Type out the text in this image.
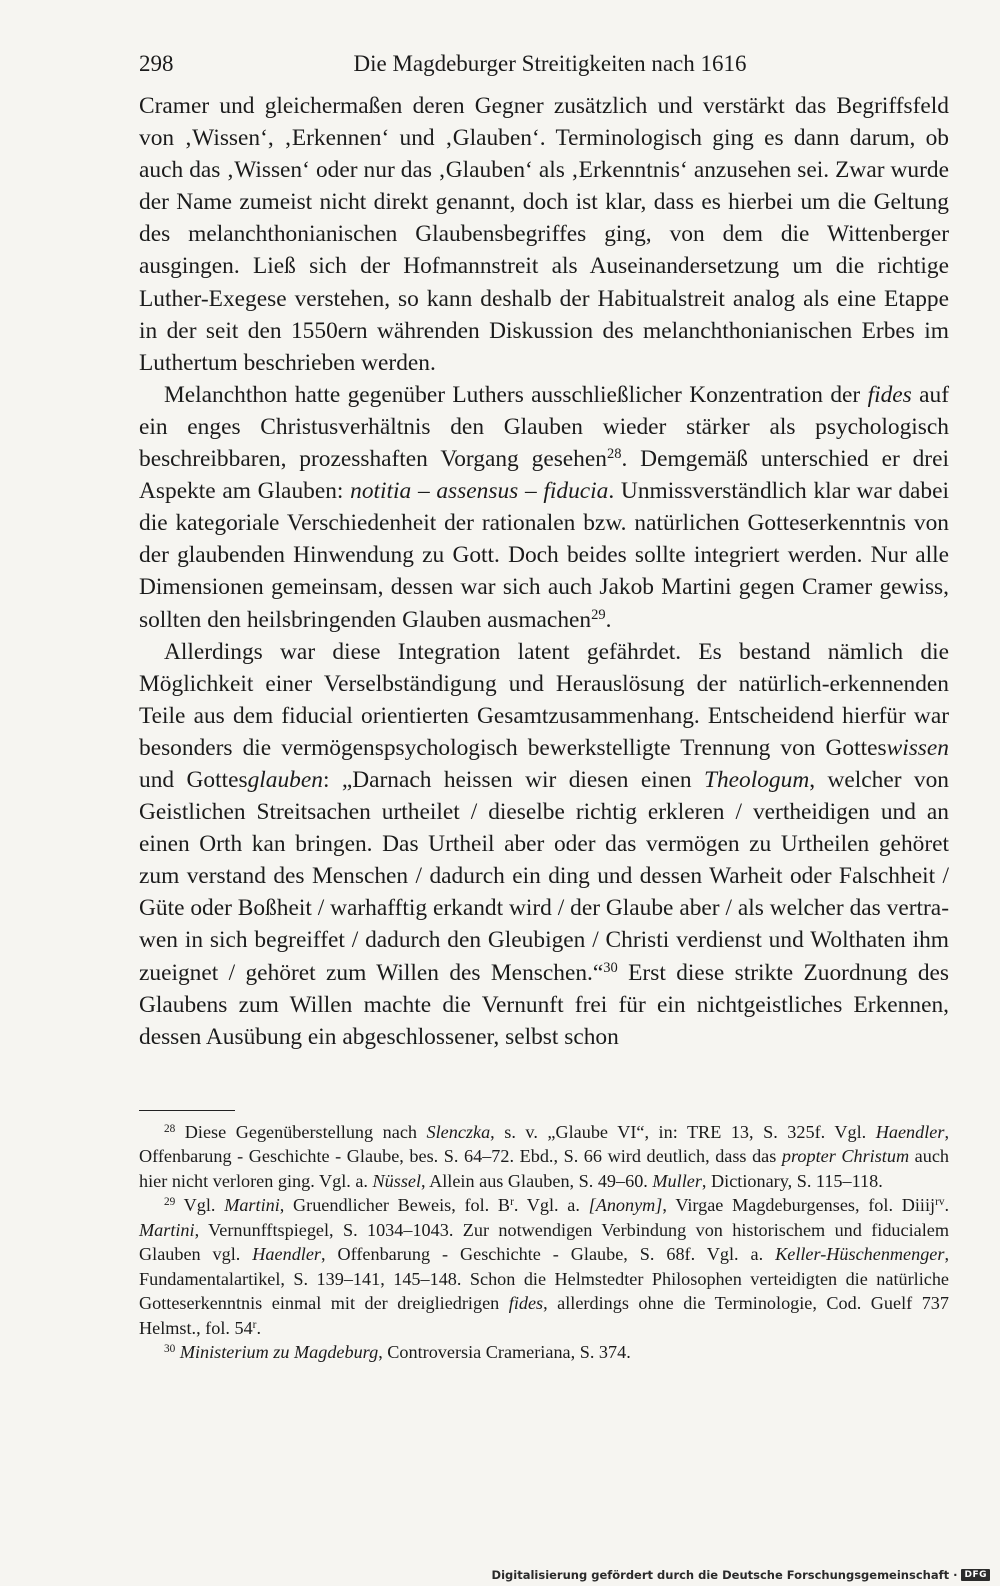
298	Die Magdeburger Streitigkeiten nach 1616

Cramer und gleichermaßen deren Gegner zusätzlich und verstärkt das Begriffsfeld von ‚Wissen‘, ‚Erkennen‘ und ‚Glauben‘. Terminologisch ging es dann darum, ob auch das ‚Wissen‘ oder nur das ‚Glauben‘ als ‚Erkenntnis‘ anzusehen sei. Zwar wurde der Name zumeist nicht direkt genannt, doch ist klar, dass es hierbei um die Geltung des melanchthonianischen Glaubensbegriffes ging, von dem die Wittenberger ausgingen. Ließ sich der Hofmannstreit als Auseinandersetzung um die richtige Luther-Exegese verstehen, so kann deshalb der Habitualstreit analog als eine Etappe in der seit den 1550ern währenden Diskussion des melanchthonianischen Erbes im Luthertum beschrieben werden.

Melanchthon hatte gegenüber Luthers ausschließlicher Konzentration der fides auf ein enges Christusverhältnis den Glauben wieder stärker als psychologisch beschreibbaren, prozesshaften Vorgang gesehen$^{28}$. Demgemäß unterschied er drei Aspekte am Glauben: notitia – assensus – fiducia. Unmissverständlich klar war dabei die kategoriale Verschiedenheit der rationalen bzw. natürlichen Gotteserkenntnis von der glaubenden Hinwendung zu Gott. Doch beides sollte integriert werden. Nur alle Dimensionen gemeinsam, dessen war sich auch Jakob Martini gegen Cramer gewiss, sollten den heilsbringenden Glauben ausmachen$^{29}$.

Allerdings war diese Integration latent gefährdet. Es bestand nämlich die Möglichkeit einer Verselbständigung und Herauslösung der natürlich-erkennenden Teile aus dem fiducial orientierten Gesamtzusammenhang. Entscheidend hierfür war besonders die vermögenspsychologisch bewerkstelligte Trennung von Gotteswissen und Gottesglauben: „Darnach heissen wir diesen einen Theologum, welcher von Geistlichen Streitsachen urtheilet / dieselbe richtig erkleren / vertheidigen und an einen Orth kan bringen. Das Urtheil aber oder das vermögen zu Urtheilen gehöret zum verstand des Menschen / dadurch ein ding und dessen Warheit oder Falschheit / Güte oder Boßheit / warhafftig erkandt wird / der Glaube aber / als welcher das vertrawen in sich begreiffet / dadurch den Gleubigen / Christi verdienst und Wolthaten ihm zueignet / gehöret zum Willen des Menschen.“$^{30}$ Erst diese strikte Zuordnung des Glaubens zum Willen machte die Vernunft frei für ein nichtgeistliches Erkennen, dessen Ausübung ein abgeschlossener, selbst schon

$^{28}$ Diese Gegenüberstellung nach Slenczka, s. v. „Glaube VI“, in: TRE 13, S. 325f. Vgl. Haendler, Offenbarung - Geschichte - Glaube, bes. S. 64–72. Ebd., S. 66 wird deutlich, dass das propter Christum auch hier nicht verloren ging. Vgl. a. Nüssel, Allein aus Glauben, S. 49–60. Muller, Dictionary, S. 115–118.

$^{29}$ Vgl. Martini, Gruendlicher Beweis, fol. $B^r$. Vgl. a. [Anonym], Virgae Magdeburgenses, fol. Diiij$^{rv}$. Martini, Vernunfftspiegel, S. 1034–1043. Zur notwendigen Verbindung von historischem und fiducialem Glauben vgl. Haendler, Offenbarung - Geschichte - Glaube, S. 68f. Vgl. a. Keller-Hüschenmenger, Fundamentalartikel, S. 139–141, 145–148. Schon die Helmstedter Philosophen verteidigten die natürliche Gotteserkenntnis einmal mit der dreigliedrigen fides, allerdings ohne die Terminologie, Cod. Guelf 737 Helmst., fol. 54$^r$.

$^{30}$ Ministerium zu Magdeburg, Controversia Crameriana, S. 374.

Digitalisierung gefördert durch die Deutsche Forschungsgemeinschaft · DFG
